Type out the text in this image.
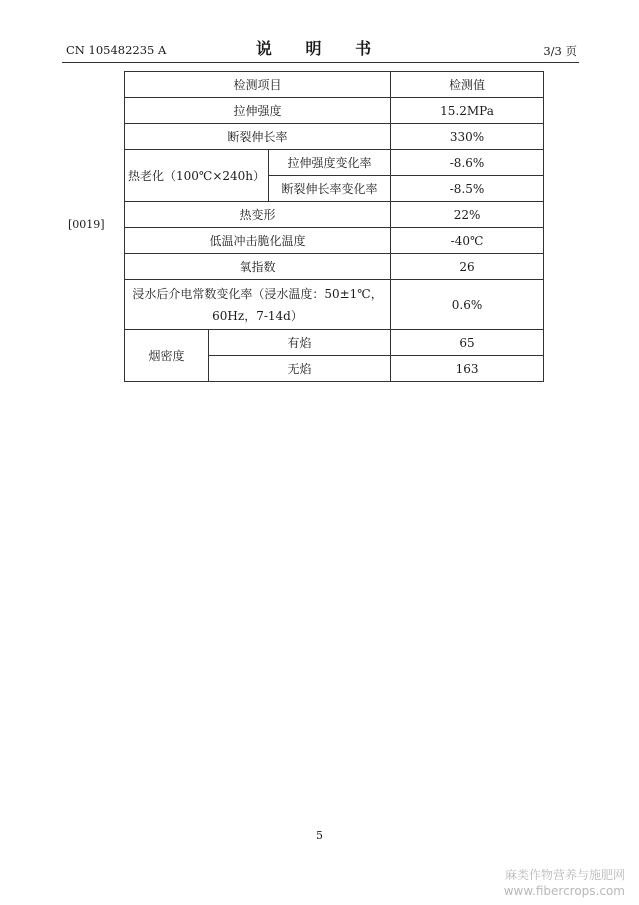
CN 105482235 A	说 明 书	3/3 页
[0019]
检测项目			检测值
拉伸强度			15.2MPa
断裂伸长率			330%
热老化（100℃×240h）		拉伸强度变化率	-8.6%
		断裂伸长率变化率	-8.5%
热变形			22%
低温冲击脆化温度			-40℃
氧指数			26
浸水后介电常数变化率（浸水温度：50±1℃，
60Hz，7-14d）			0.6%
烟密度	有焰		65
	无焰		163
5
麻类作物营养与施肥网
www.fibercrops.com
